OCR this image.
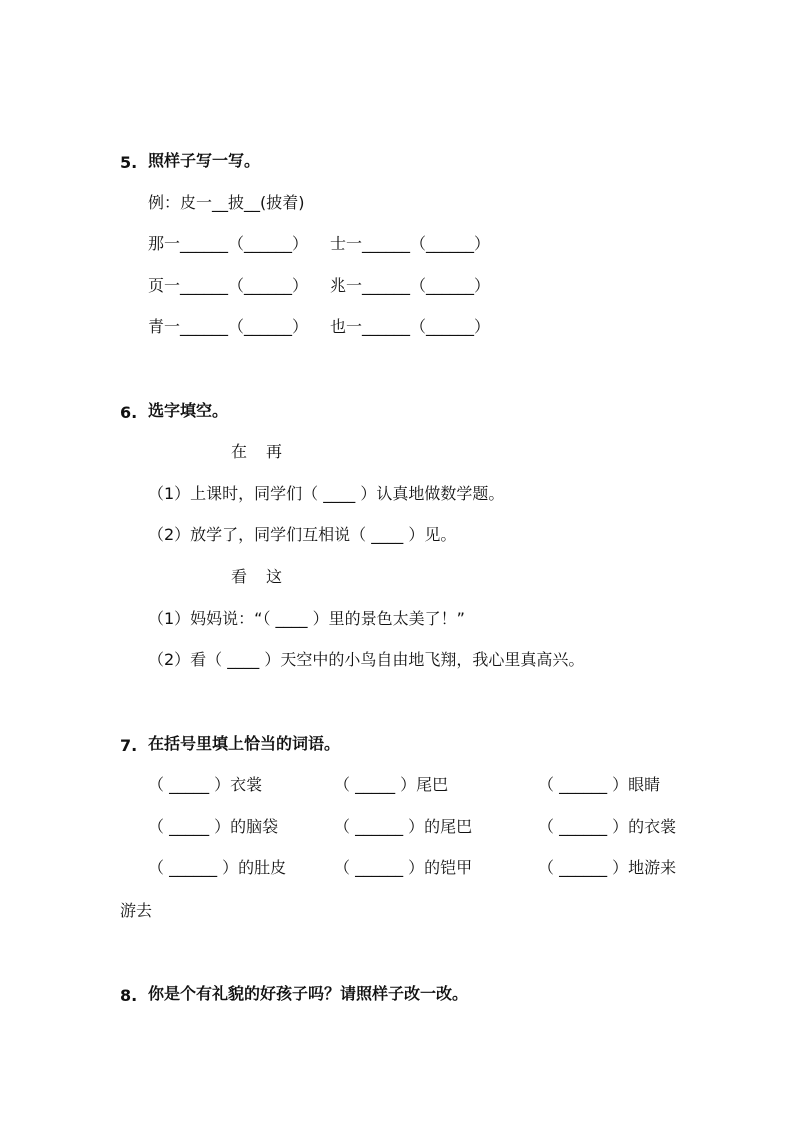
5. 照样子写一写。
例：皮一__披__(披着)
那一______（______） 士一______（______）
页一______（______） 兆一______（______）
青一______（______） 也一______（______）
6. 选字填空。
在 再
（1）上课时，同学们（ ____ ）认真地做数学题。
（2）放学了，同学们互相说（ ____ ）见。
看 这
（1）妈妈说：“（ ____ ）里的景色太美了！”
（2）看（ ____ ）天空中的小鸟自由地飞翔，我心里真高兴。
7. 在括号里填上恰当的词语。
（ _____ ）衣裳	（ _____ ）尾巴	（ ______ ）眼睛
（ _____ ）的脑袋	（ ______ ）的尾巴	（ ______ ）的衣裳
（ ______ ）的肚皮	（ ______ ）的铠甲	（ ______ ）地游来
游去
8. 你是个有礼貌的好孩子吗？请照样子改一改。
